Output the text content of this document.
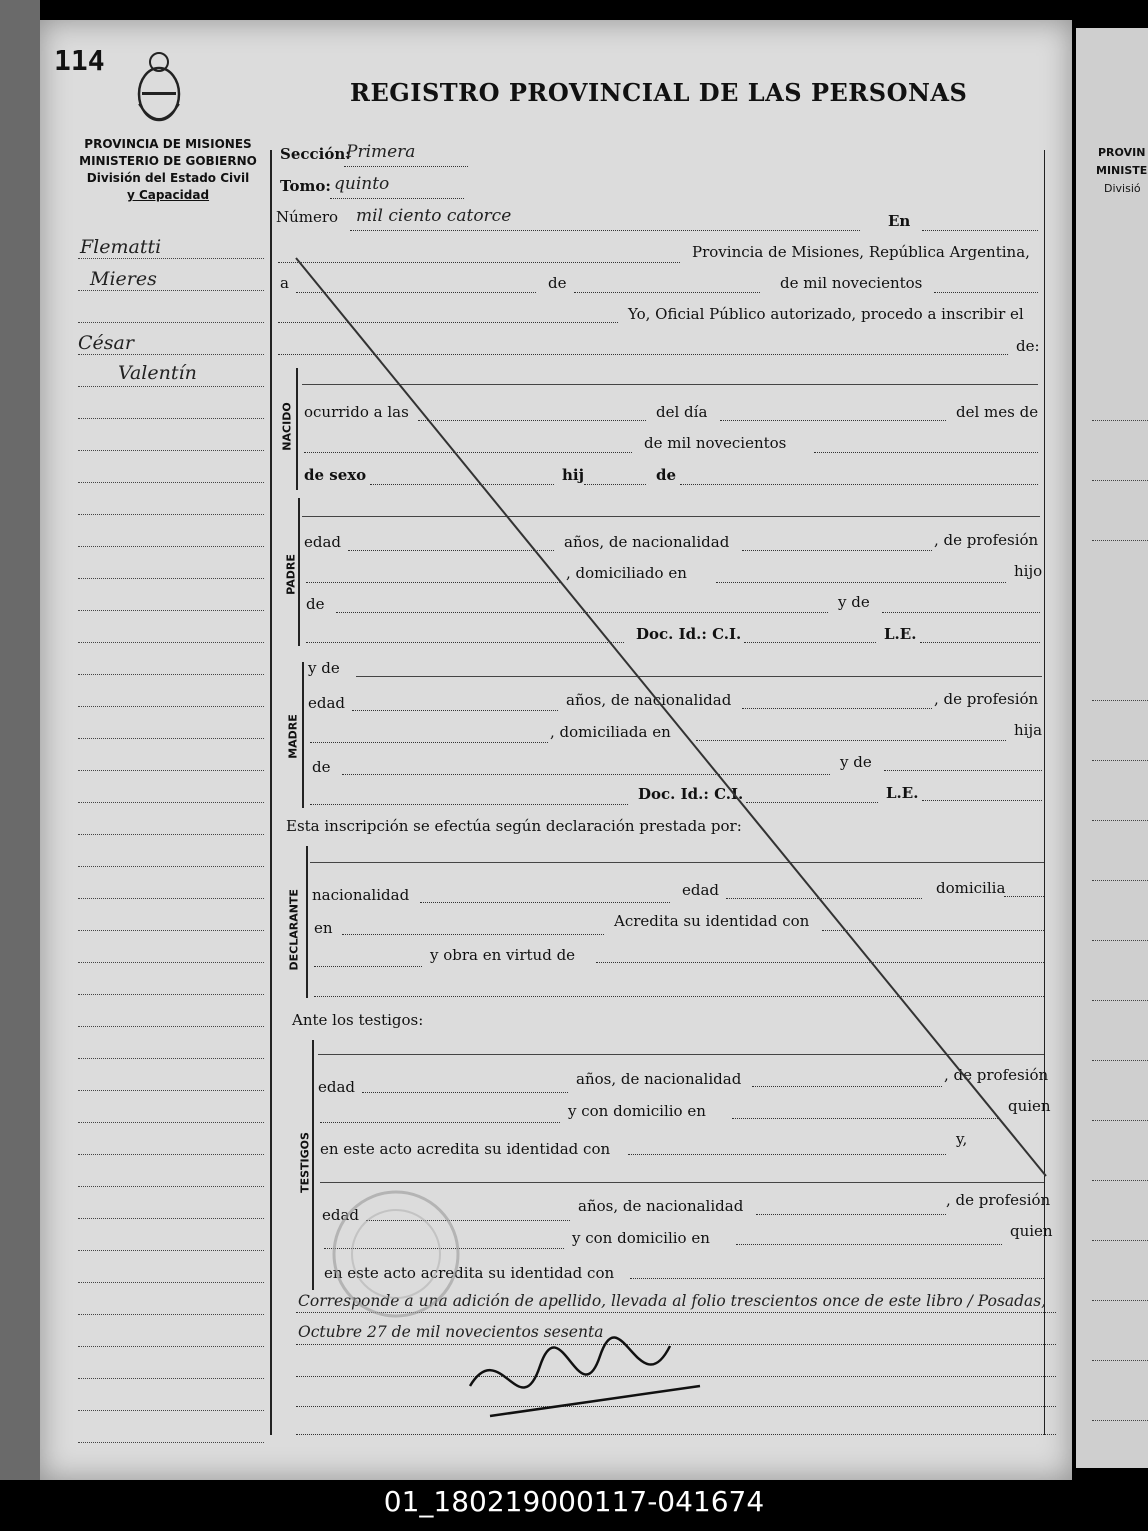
PROVIN
MINISTE
Divisió
114
REGISTRO PROVINCIAL DE LAS PERSONAS
PROVINCIA DE MISIONES
MINISTERIO DE GOBIERNO
División del Estado Civil
y Capacidad
Flematti
Mieres
César
Valentín
Sección:
Primera
Tomo: quinto
Número mil ciento catorce	En
Provincia de Misiones, República Argentina,
a	de	de mil novecientos
Yo, Oficial Público autorizado, procedo a inscribir el
de:
NACIDO ocurrido a las	del día	del mes de
de mil novecientos
de sexo	hij	de
PADRE
edad	años, de nacionalidad	, de profesión
, domiciliado en	hijo
de	y de
Doc. Id.: C.I.	L.E.
MADRE
y de
edad	años, de nacionalidad	, de profesión
, domiciliada en	hija
de	y de
Doc. Id.: C.I.	L.E.
Esta inscripción se efectúa según declaración prestada por:
DECLARANTE nacionalidad	edad	domicilia
en	Acredita su identidad con
y obra en virtud de
Ante los testigos:
TESTIGOS
edad	años, de nacionalidad	, de profesión
y con domicilio en	quien
en este acto acredita su identidad con
y,
edad	años, de nacionalidad	, de profesión
y con domicilio en	quien
en este acto acredita su identidad con
Corresponde a una adición de apellido, llevada al folio trescientos once de este libro / Posadas, Octubre 27 de mil novecientos sesenta
01_180219000117-041674
